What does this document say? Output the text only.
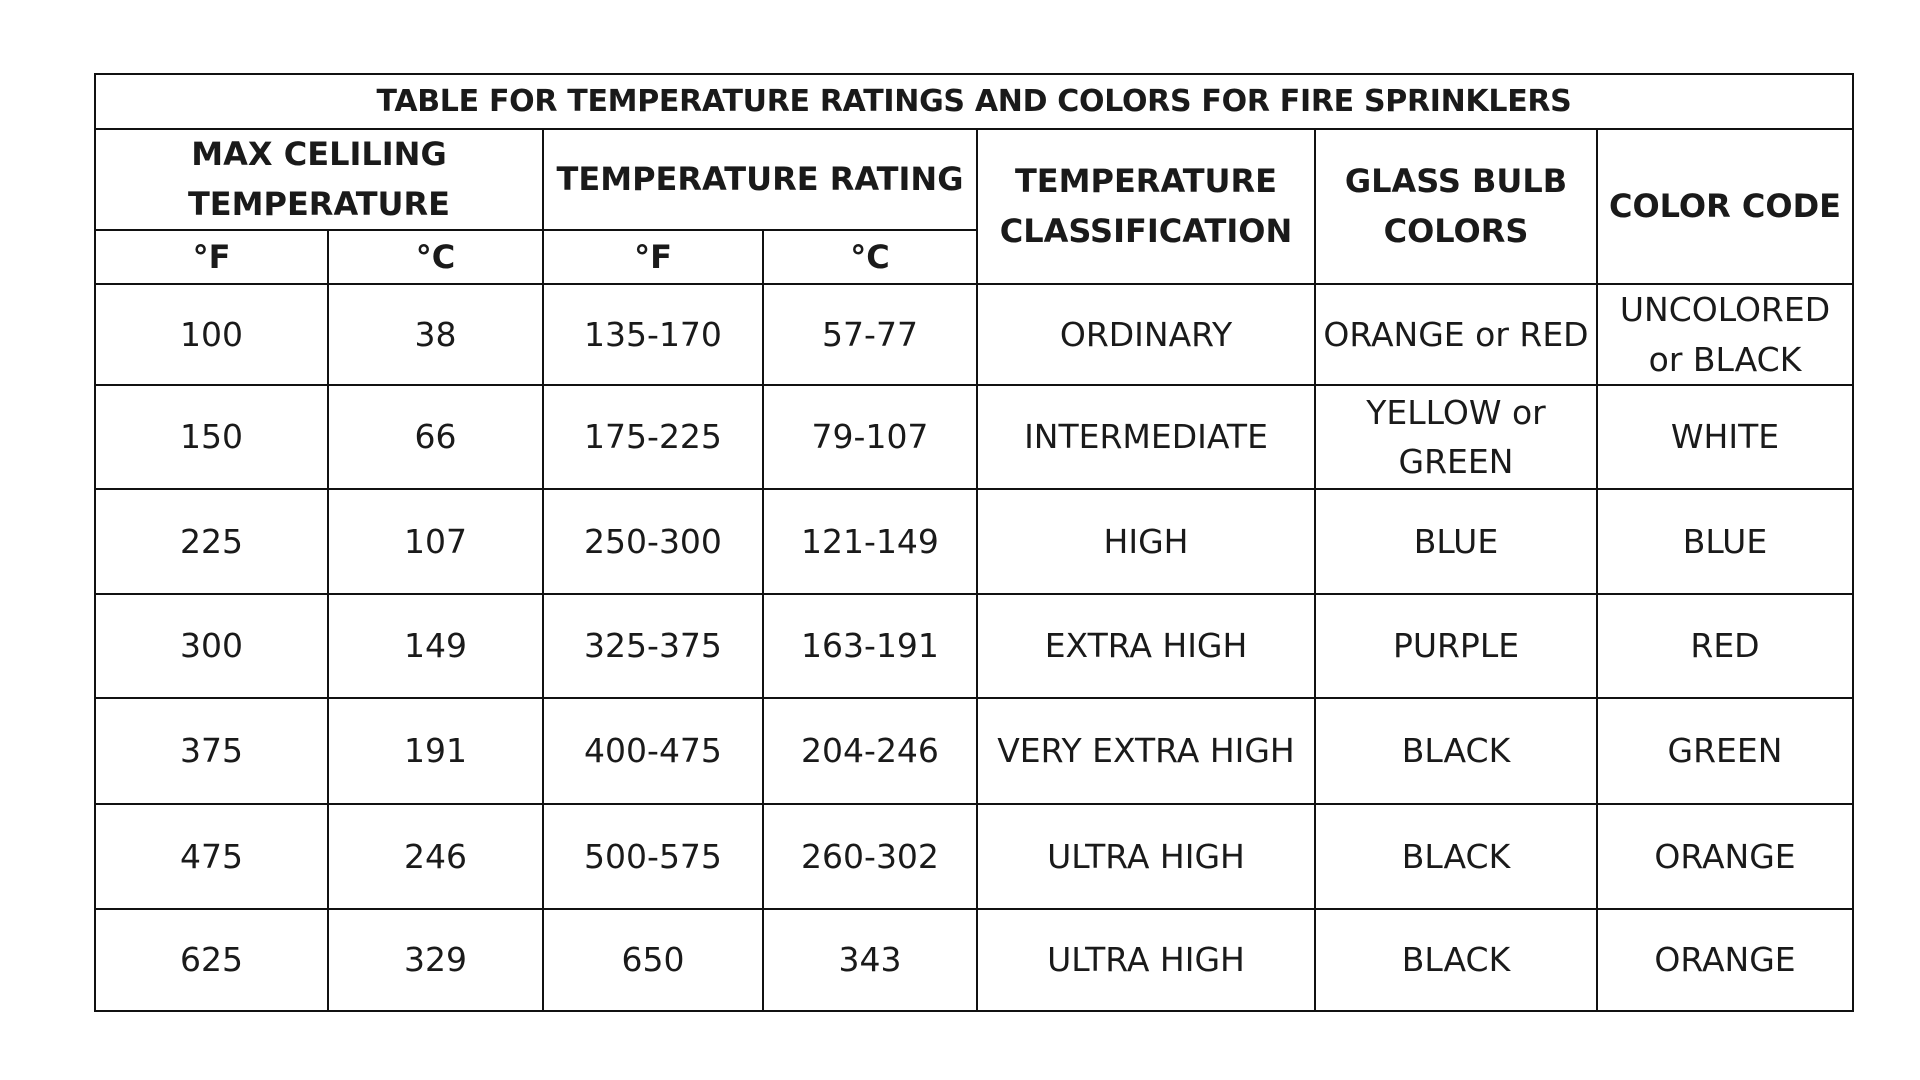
TABLE FOR TEMPERATURE RATINGS AND COLORS FOR FIRE SPRINKLERS						
MAX CELILING TEMPERATURE		TEMPERATURE RATING		TEMPERATURE CLASSIFICATION	GLASS BULB COLORS	COLOR CODE
°F	°C	°F	°C			
100	38	135-170	57-77	ORDINARY	ORANGE or RED	UNCOLORED or BLACK
150	66	175-225	79-107	INTERMEDIATE	YELLOW or GREEN	WHITE
225	107	250-300	121-149	HIGH	BLUE	BLUE
300	149	325-375	163-191	EXTRA HIGH	PURPLE	RED
375	191	400-475	204-246	VERY EXTRA HIGH	BLACK	GREEN
475	246	500-575	260-302	ULTRA HIGH	BLACK	ORANGE
625	329	650	343	ULTRA HIGH	BLACK	ORANGE
